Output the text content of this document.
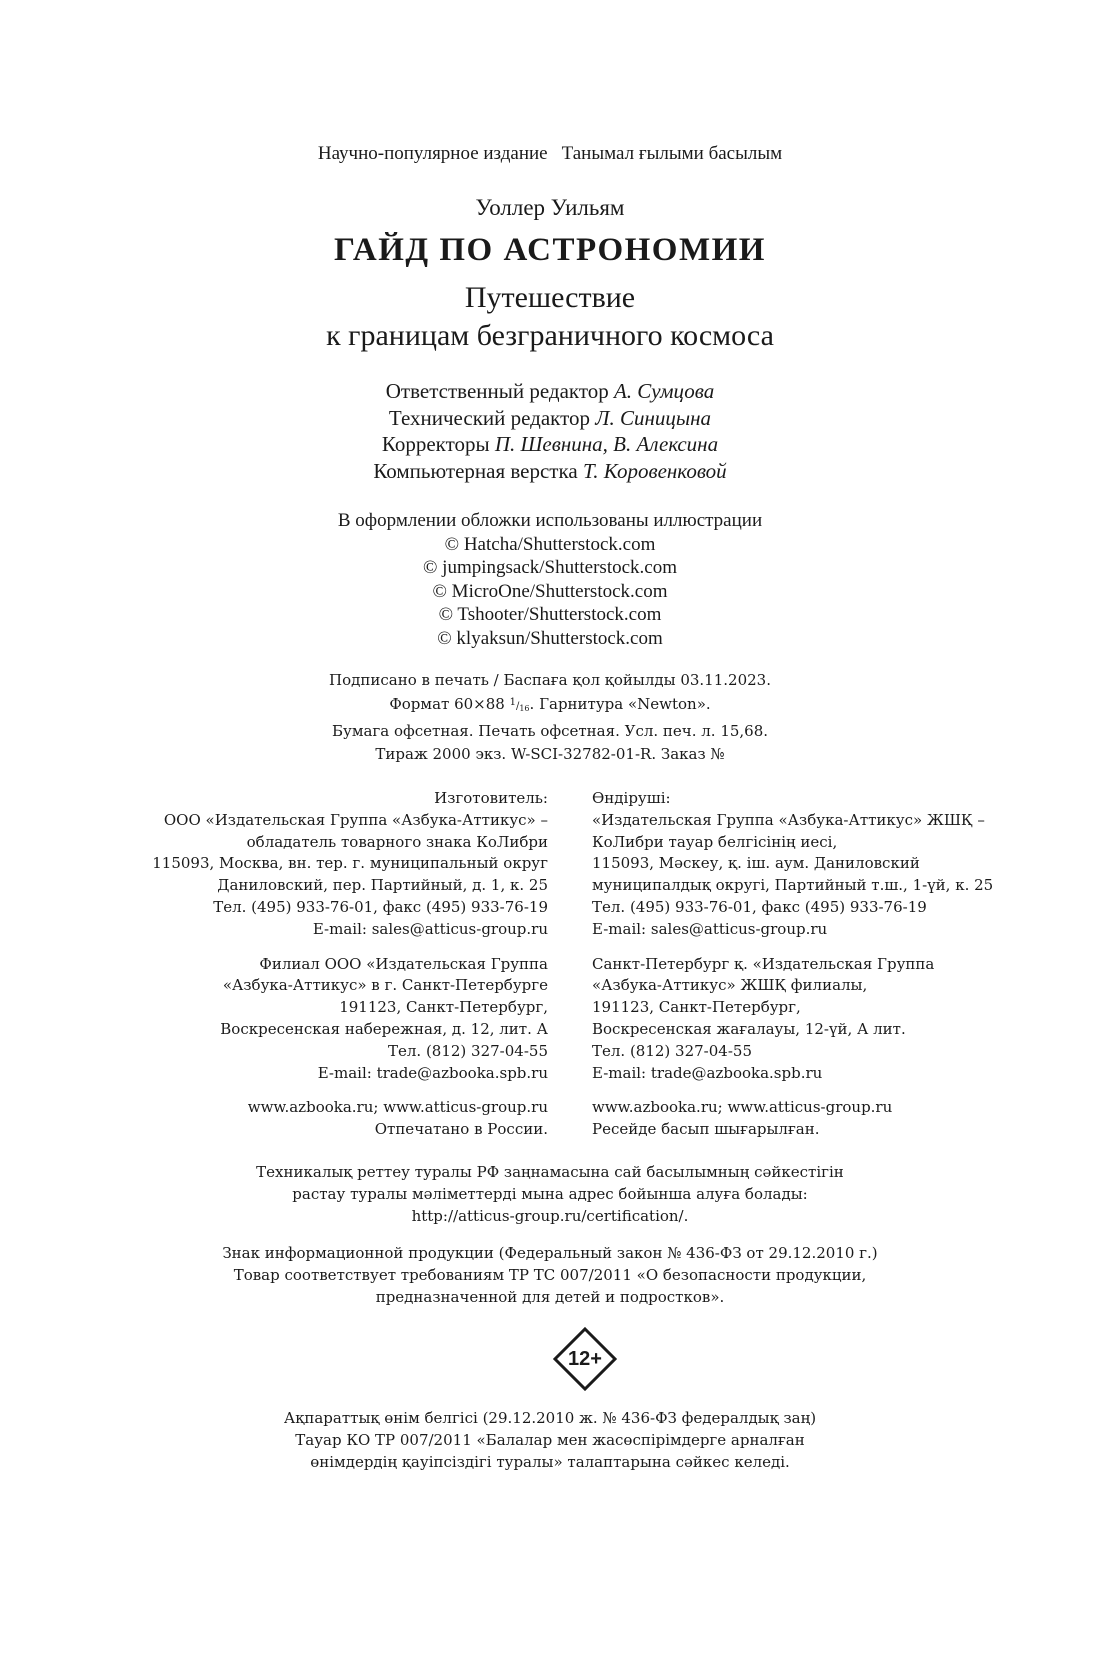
Научно-популярное издание Танымал ғылыми басылым
Уоллер Уильям
ГАЙД ПО АСТРОНОМИИ
Путешествие
к границам безграничного космоса
Ответственный редактор А. Сумцова
Технический редактор Л. Синицына
Корректоры П. Шевнина, В. Алексина
Компьютерная верстка Т. Коровенковой
В оформлении обложки использованы иллюстрации
© Hatcha/Shutterstock.com
© jumpingsack/Shutterstock.com
© MicroOne/Shutterstock.com
© Tshooter/Shutterstock.com
© klyaksun/Shutterstock.com
Подписано в печать / Баспаға қол қойылды 03.11.2023.
Формат 60×88 $^1/_{16}$. Гарнитура «Newton».
Бумага офсетная. Печать офсетная. Усл. печ. л. 15,68.
Тираж 2000 экз. W-SCI-32782-01-R. Заказ №
Изготовитель:
ООО «Издательская Группа «Азбука-Аттикус» –
обладатель товарного знака КоЛибри
115093, Москва, вн. тер. г. муниципальный округ
Даниловский, пер. Партийный, д. 1, к. 25
Тел. (495) 933-76-01, факс (495) 933-76-19
E-mail: sales@atticus-group.ru
Филиал ООО «Издательская Группа
«Азбука-Аттикус» в г. Санкт-Петербурге
191123, Санкт-Петербург,
Воскресенская набережная, д. 12, лит. А
Тел. (812) 327-04-55
E-mail: trade@azbooka.spb.ru
www.azbooka.ru; www.atticus-group.ru
Отпечатано в России.
Өндіруші:
«Издательская Группа «Азбука-Аттикус» ЖШҚ –
КоЛибри тауар белгісінің иесі,
115093, Мәскеу, қ. іш. аум. Даниловский
муниципалдық округі, Партийный т.ш., 1-үй, к. 25
Тел. (495) 933-76-01, факс (495) 933-76-19
E-mail: sales@atticus-group.ru
Санкт-Петербург қ. «Издательская Группа
«Азбука-Аттикус» ЖШҚ филиалы,
191123, Санкт-Петербург,
Воскресенская жағалауы, 12-үй, А лит.
Тел. (812) 327-04-55
E-mail: trade@azbooka.spb.ru
www.azbooka.ru; www.atticus-group.ru
Ресейде басып шығарылған.
Техникалық реттеу туралы РФ заңнамасына сай басылымның сәйкестігін
растау туралы мәліметтерді мына адрес бойынша алуға болады:
http://atticus-group.ru/certification/.
Знак информационной продукции (Федеральный закон № 436-ФЗ от 29.12.2010 г.)
Товар соответствует требованиям ТР ТС 007/2011 «О безопасности продукции,
предназначенной для детей и подростков».
12+
Ақпараттық өнім белгісі (29.12.2010 ж. № 436-ФЗ федералдық заң)
Тауар КО ТР 007/2011 «Балалар мен жасөспірімдерге арналған
өнімдердің қауіпсіздігі туралы» талаптарына сәйкес келеді.
